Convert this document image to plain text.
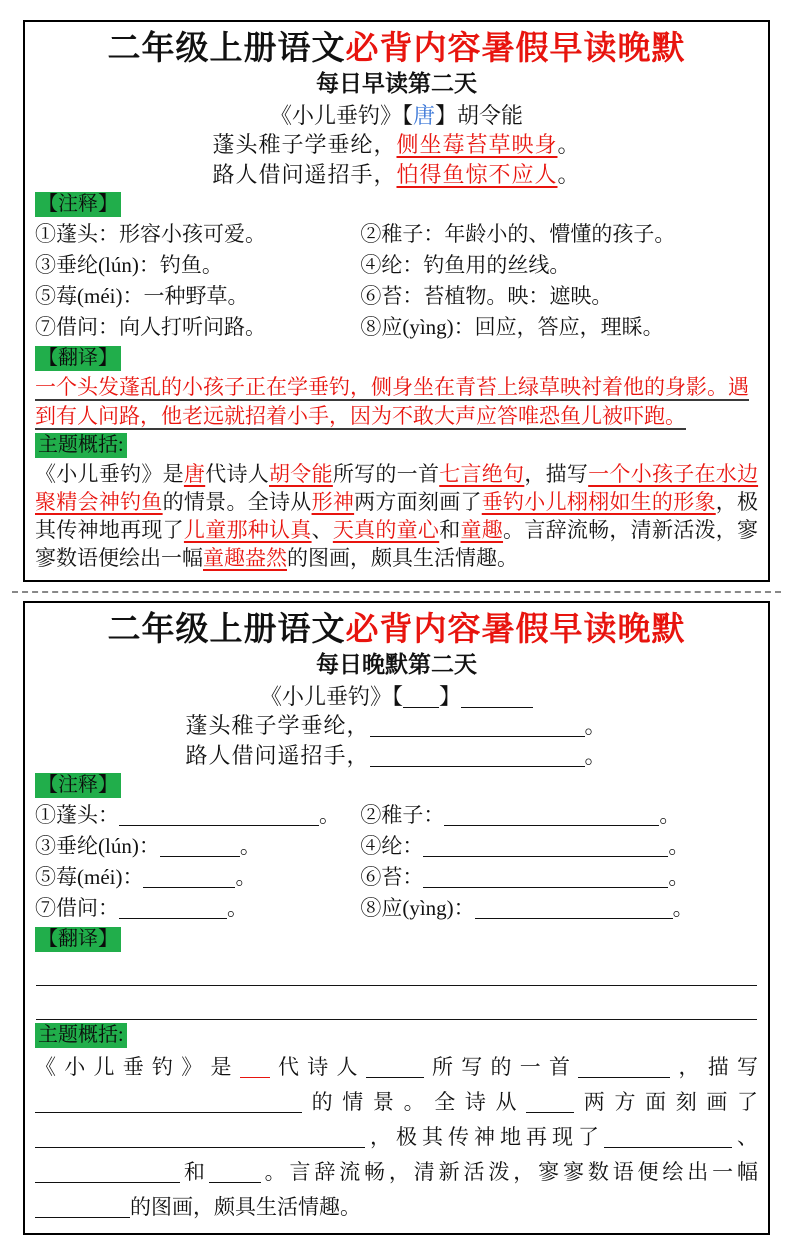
二年级上册语文必背内容暑假早读晚默
每日早读第二天
《小儿垂钓》【唐】胡令能
蓬头稚子学垂纶，侧坐莓苔草映身。
路人借问遥招手，怕得鱼惊不应人。
【注释】
①蓬头：形容小孩可爱。	②稚子：年龄小的、懵懂的孩子。
③垂纶(lún)：钓鱼。	④纶：钓鱼用的丝线。
⑤莓(méi)：一种野草。	⑥苔：苔植物。映：遮映。
⑦借问：向人打听问路。	⑧应(yìng)：回应，答应，理睬。
【翻译】
一个头发蓬乱的小孩子正在学垂钓，侧身坐在青苔上绿草映衬着他的身影。遇
到有人问路，他老远就招着小手，因为不敢大声应答唯恐鱼儿被吓跑。
主题概括:
《小儿垂钓》是唐代诗人胡令能所写的一首七言绝句，描写一个小孩子在水边聚精会神钓鱼的情景。全诗从形神两方面刻画了垂钓小儿栩栩如生的形象，极其传神地再现了儿童那种认真、天真的童心和童趣。言辞流畅，清新活泼，寥寥数语便绘出一幅童趣盎然的图画，颇具生活情趣。
二年级上册语文必背内容暑假早读晚默
每日晚默第二天
《小儿垂钓》【 】
蓬头稚子学垂纶，	。
路人借问遥招手，	。
【注释】
①蓬头：	。 ②稚子：	。
③垂纶(lún)：	。	④纶：	。
⑤莓(méi)：	。	⑥苔：	。
⑦借问：	。	⑧应(yìng)：	。
【翻译】
主题概括:
《小儿垂钓》是 代诗人	所写的一首	，描写的情景。全诗从 两方面刻画了，极其传神地再现了	、和 。言辞流畅，清新活泼，寥寥数语便绘出一幅的图画，颇具生活情趣。
